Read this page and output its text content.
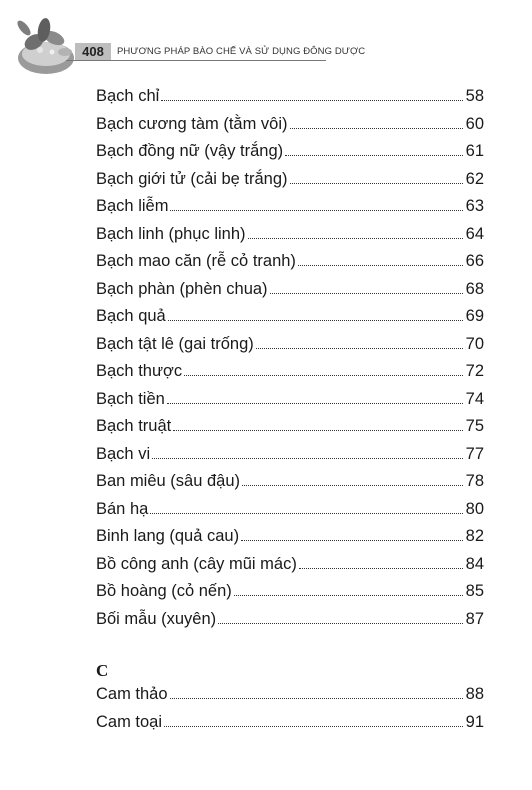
408	PHƯƠNG PHÁP BÀO CHẾ VÀ SỬ DỤNG ĐÔNG DƯỢC
Bạch chỉ	58
Bạch cương tàm (tằm vôi)	60
Bạch đồng nữ (vậy trắng)	61
Bạch giới tử (cải bẹ trắng)	62
Bạch liễm	63
Bạch linh (phục linh)	64
Bạch mao căn (rễ cỏ tranh)	66
Bạch phàn (phèn chua)	68
Bạch quả	69
Bạch tật lê (gai trống)	70
Bạch thược	72
Bạch tiền	74
Bạch truật	75
Bạch vi	77
Ban miêu (sâu đậu)	78
Bán hạ	80
Binh lang (quả cau)	82
Bồ công anh (cây mũi mác)	84
Bồ hoàng (cỏ nến)	85
Bối mẫu (xuyên)	87
C
Cam thảo	88
Cam toại	91
